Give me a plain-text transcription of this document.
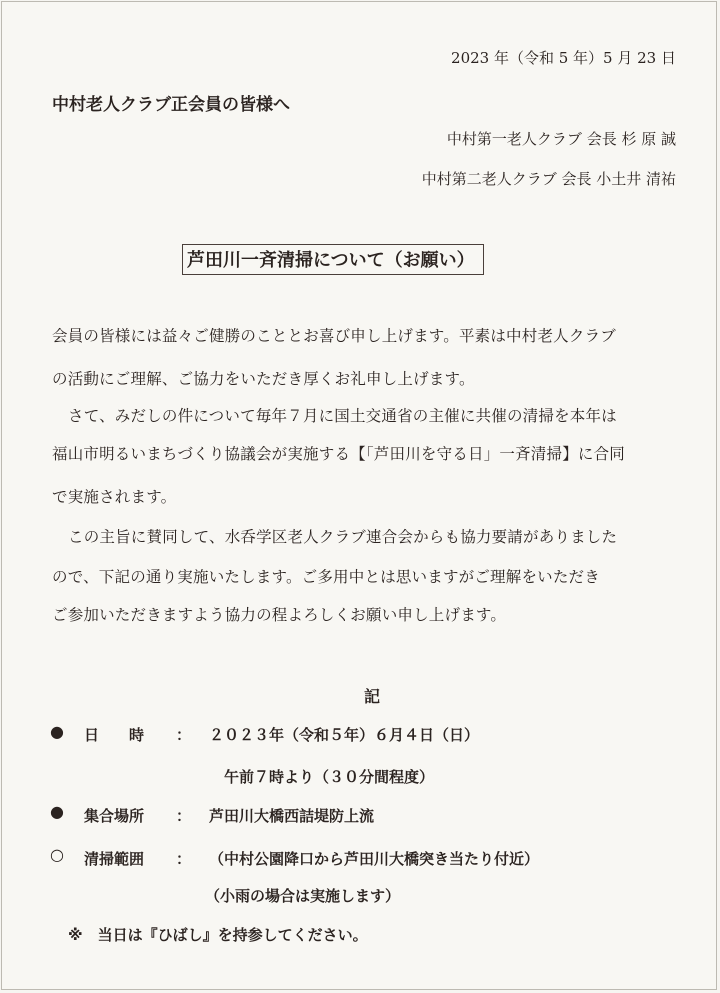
2023 年（令和 5 年）5 月 23 日
中村老人クラブ正会員の皆様へ
中村第一老人クラブ 会長 杉 原 誠
中村第二老人クラブ 会長 小土井 清祐
芦田川一斉清掃について（お願い）
会員の皆様には益々ご健勝のこととお喜び申し上げます。平素は中村老人クラブ
の活動にご理解、ご協力をいただき厚くお礼申し上げます。
さて、みだしの件について毎年７月に国土交通省の主催に共催の清掃を本年は
福山市明るいまちづくり協議会が実施する【「芦田川を守る日」一斉清掃】に合同
で実施されます。
この主旨に賛同して、水呑学区老人クラブ連合会からも協力要請がありました
ので、下記の通り実施いたします。ご多用中とは思いますがご理解をいただき
ご参加いただきますよう協力の程よろしくお願い申し上げます。
記
● 日　　時 ： ２０２３年（令和５年）６月４日（日）
午前７時より（３０分間程度）
● 集合場所 ： 芦田川大橋西詰堤防上流
○ 清掃範囲 ： （中村公園降口から芦田川大橋突き当たり付近）
（小雨の場合は実施します）
※　当日は『ひばし』を持参してください。
